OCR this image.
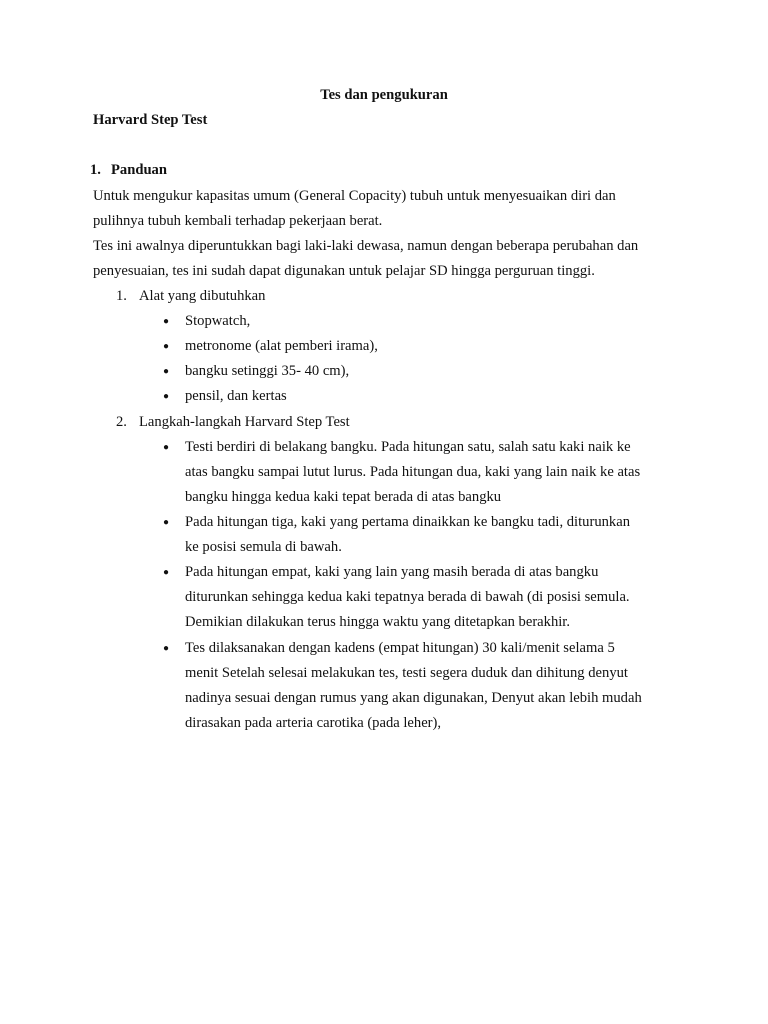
Tes dan pengukuran
Harvard Step Test
1. Panduan
Untuk mengukur kapasitas umum (General Copacity) tubuh untuk menyesuaikan diri dan
pulihnya tubuh kembali terhadap pekerjaan berat.
Tes ini awalnya diperuntukkan bagi laki-laki dewasa, namun dengan beberapa perubahan dan
penyesuaian, tes ini sudah dapat digunakan untuk pelajar SD hingga perguruan tinggi.
1. Alat yang dibutuhkan
● Stopwatch,
● metronome (alat pemberi irama),
● bangku setinggi 35- 40 cm),
● pensil, dan kertas
2. Langkah-langkah Harvard Step Test
● Testi berdiri di belakang bangku. Pada hitungan satu, salah satu kaki naik ke
atas bangku sampai lutut lurus. Pada hitungan dua, kaki yang lain naik ke atas
bangku hingga kedua kaki tepat berada di atas bangku
● Pada hitungan tiga, kaki yang pertama dinaikkan ke bangku tadi, diturunkan
ke posisi semula di bawah.
● Pada hitungan empat, kaki yang lain yang masih berada di atas bangku
diturunkan sehingga kedua kaki tepatnya berada di bawah (di posisi semula.
Demikian dilakukan terus hingga waktu yang ditetapkan berakhir.
● Tes dilaksanakan dengan kadens (empat hitungan) 30 kali/menit selama 5
menit Setelah selesai melakukan tes, testi segera duduk dan dihitung denyut
nadinya sesuai dengan rumus yang akan digunakan, Denyut akan lebih mudah
dirasakan pada arteria carotika (pada leher),
